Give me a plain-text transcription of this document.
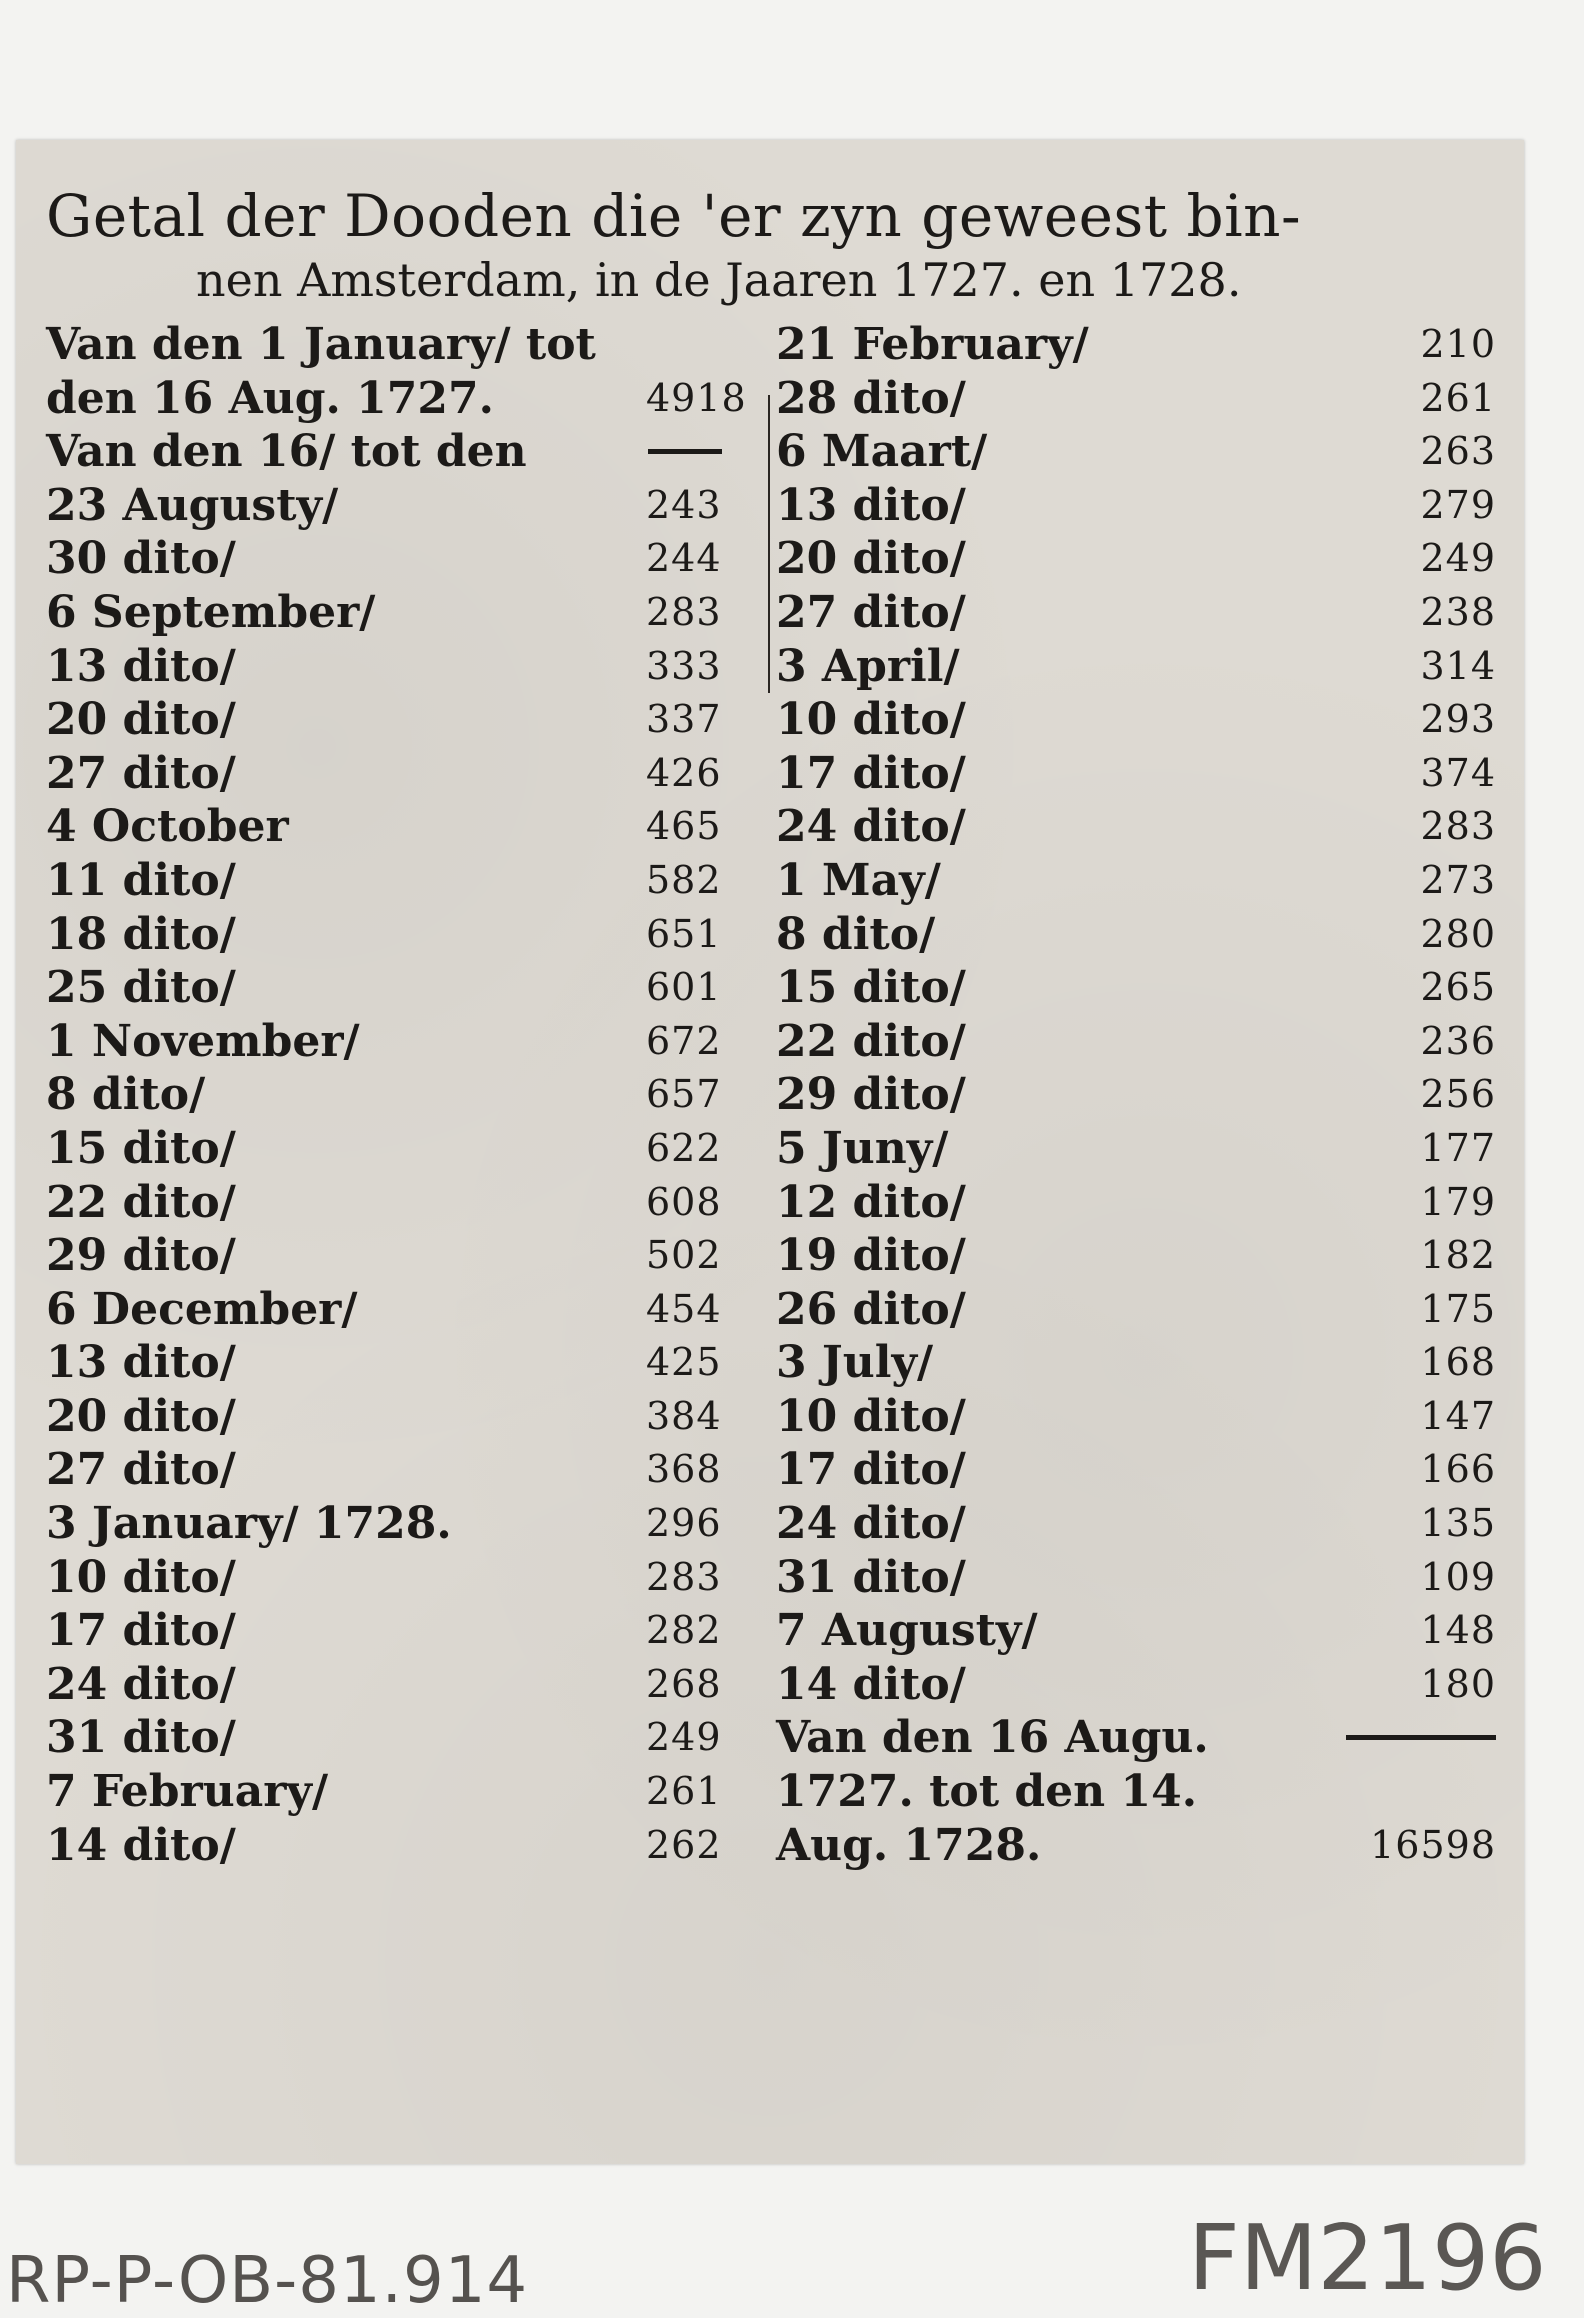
Getal der Dooden die 'er zyn geweest bin-
nen Amsterdam, in de Jaaren 1727. en 1728.
Van den 1 January/ tot
den 16 Aug. 1727.	4918
Van den 16/ tot den
23 Augusty/	243
30 dito/	244
6 September/	283
13 dito/	333
20 dito/	337
27 dito/	426
4 October	465
11 dito/	582
18 dito/	651
25 dito/	601
1 November/	672
8 dito/	657
15 dito/	622
22 dito/	608
29 dito/	502
6 December/	454
13 dito/	425
20 dito/	384
27 dito/	368
3 January/ 1728.	296
10 dito/	283
17 dito/	282
24 dito/	268
31 dito/	249
7 February/	261
14 dito/	262
21 February/	210
28 dito/	261
6 Maart/	263
13 dito/	279
20 dito/	249
27 dito/	238
3 April/	314
10 dito/	293
17 dito/	374
24 dito/	283
1 May/	273
8 dito/	280
15 dito/	265
22 dito/	236
29 dito/	256
5 Juny/	177
12 dito/	179
19 dito/	182
26 dito/	175
3 July/	168
10 dito/	147
17 dito/	166
24 dito/	135
31 dito/	109
7 Augusty/	148
14 dito/	180
Van den 16 Augu.
1727. tot den 14.
Aug. 1728.	16598
RP-P-OB-81.914	FM2196
